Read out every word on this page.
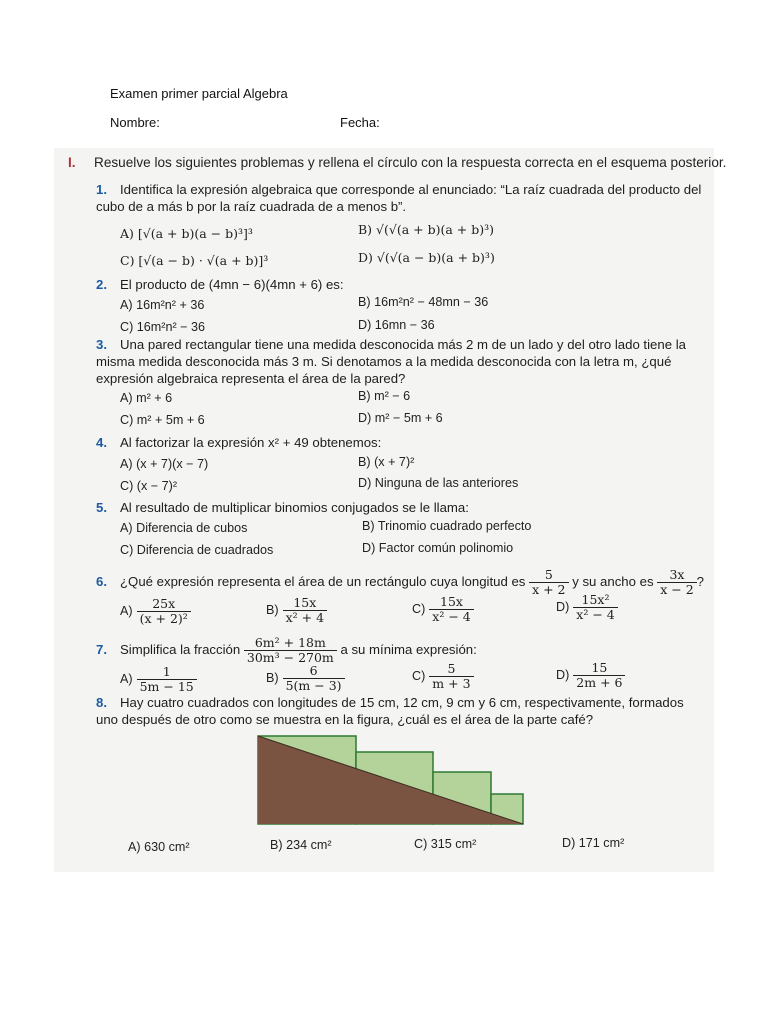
Examen primer parcial Algebra
Nombre:	Fecha:
I. Resuelve los siguientes problemas y rellena el círculo con la respuesta correcta en el esquema posterior.
1. Identifica la expresión algebraica que corresponde al enunciado: “La raíz cuadrada del producto del cubo de a más b por la raíz cuadrada de a menos b”.
A) [√(a + b)(a − b)³]³	B) √(√(a + b)(a + b)³)
C) [√(a − b) · √(a + b)]³	D) √(√(a − b)(a + b)³)
2. El producto de (4mn − 6)(4mn + 6) es:
A) 16m²n² + 36	B) 16m²n² − 48mn − 36
C) 16m²n² − 36	D) 16mn − 36
3. Una pared rectangular tiene una medida desconocida más 2 m de un lado y del otro lado tiene la misma medida desconocida más 3 m. Si denotamos a la medida desconocida con la letra m, ¿qué expresión algebraica representa el área de la pared?
A) m² + 6	B) m² − 6
C) m² + 5m + 6	D) m² − 5m + 6
4. Al factorizar la expresión x² + 49 obtenemos:
A) (x + 7)(x − 7)	B) (x + 7)²
C) (x − 7)²	D) Ninguna de las anteriores
5. Al resultado de multiplicar binomios conjugados se le llama:
A) Diferencia de cubos	B) Trinomio cuadrado perfecto
C) Diferencia de cuadrados	D) Factor común polinomio
6. ¿Qué expresión representa el área de un rectángulo cuya longitud es $\frac{5}{x + 2}$ y su ancho es $\frac{3x}{x - 2}$ ?
$A) \frac{25x}{\text{(x + 2)²}}$	$B) \frac{15x}{\text{x² + 4}}$	$C) \frac{15x}{\text{x² − 4}}$	$D) \frac{\text{15x²}}{\text{x² − 4}}$
7. Simplifica la fracción $\frac{\text{6m² + 18m}}{\text{30m³ − 270m}}$ a su mínima expresión:
$A) \frac{1}{5m - 15}$	$B) \frac{6}{5(m - 3)}$	$C) \frac{5}{m + 3}$	$D) \frac{15}{2m + 6}$
8. Hay cuatro cuadrados con longitudes de 15 cm, 12 cm, 9 cm y 6 cm, respectivamente, formados uno después de otro como se muestra en la figura, ¿cuál es el área de la parte café?
A) 630 cm²	B) 234 cm²	C) 315 cm²	D) 171 cm²
